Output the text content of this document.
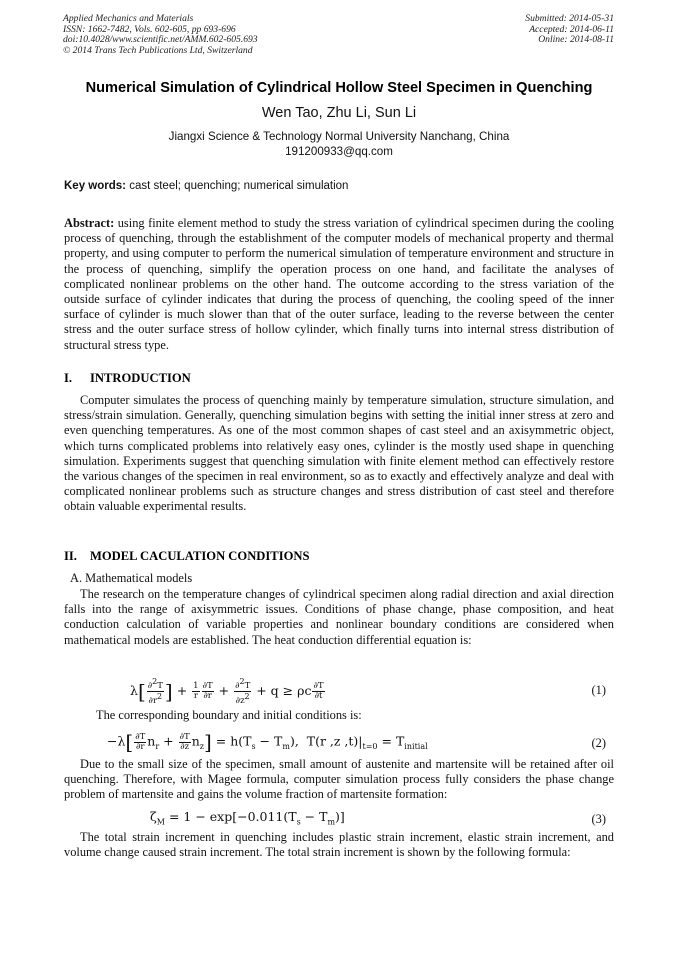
Applied Mechanics and Materials
ISSN: 1662-7482, Vols. 602-605, pp 693-696
doi:10.4028/www.scientific.net/AMM.602-605.693
© 2014 Trans Tech Publications Ltd, Switzerland
Submitted: 2014-05-31
Accepted: 2014-06-11
Online: 2014-08-11
Numerical Simulation of Cylindrical Hollow Steel Specimen in Quenching
Wen Tao, Zhu Li, Sun Li
Jiangxi Science & Technology Normal University Nanchang, China
191200933@qq.com
Key words: cast steel; quenching; numerical simulation
Abstract: using finite element method to study the stress variation of cylindrical specimen during the cooling process of quenching, through the establishment of the computer models of mechanical property and thermal property, and using computer to perform the numerical simulation of temperature environment and structure in the process of quenching, simplify the operation process on one hand, and facilitate the analyses of complicated nonlinear problems on the other hand. The outcome according to the stress variation of the outside surface of cylinder indicates that during the process of quenching, the cooling speed of the inner surface of cylinder is much slower than that of the outer surface, leading to the reverse between the center stress and the outer surface stress of hollow cylinder, which finally turns into internal stress distribution of structural stress type.
I. INTRODUCTION
Computer simulates the process of quenching mainly by temperature simulation, structure simulation, and stress/strain simulation. Generally, quenching simulation begins with setting the initial inner stress at zero and even quenching temperatures. As one of the most common shapes of cast steel and an axisymmetric object, which turns complicated problems into relatively easy ones, cylinder is the mostly used shape in quenching simulation. Experiments suggest that quenching simulation with finite element method can effectively restore the various changes of the specimen in real environment, so as to exactly and effectively analyze and deal with complicated nonlinear problems such as structure changes and stress distribution of cast steel and therefore obtain valuable experimental results.
II. MODEL CACULATION CONDITIONS
A. Mathematical models
The research on the temperature changes of cylindrical specimen along radial direction and axial direction falls into the range of axisymmetric issues. Conditions of phase change, phase composition, and heat conduction calculation of variable properties and nonlinear boundary conditions are considered when mathematical models are established. The heat conduction differential equation is:
$\lambda[ \frac{\partial^2T}{\partial r^2}$ ] + $\frac{1}{r} \frac{\partial T}{\partial r} + \frac{\partial^2T}{\partial z^2} + q \ge \rho c \frac{\partial T}{\partial t}$	(1)
The corresponding boundary and initial conditions is:
$-\lambda[ \frac{\partial T}{\partial r} n_r + \frac{\partial T}{\partial z} n_z] = h(T_s - T_m)$,  T(r ,z $,t)|_{t=0} = T_{initial}$	(2)
Due to the small size of the specimen, small amount of austenite and martensite will be retained after oil quenching. Therefore, with Magee formula, computer simulation process fully considers the phase change problem of martensite and gains the volume fraction of martensite formation:
$\zeta_M = 1 - \exp[-0.011(T_s - T_m)]$	(3)
The total strain increment in quenching includes plastic strain increment, elastic strain increment, and volume change caused strain increment. The total strain increment is shown by the following formula:
